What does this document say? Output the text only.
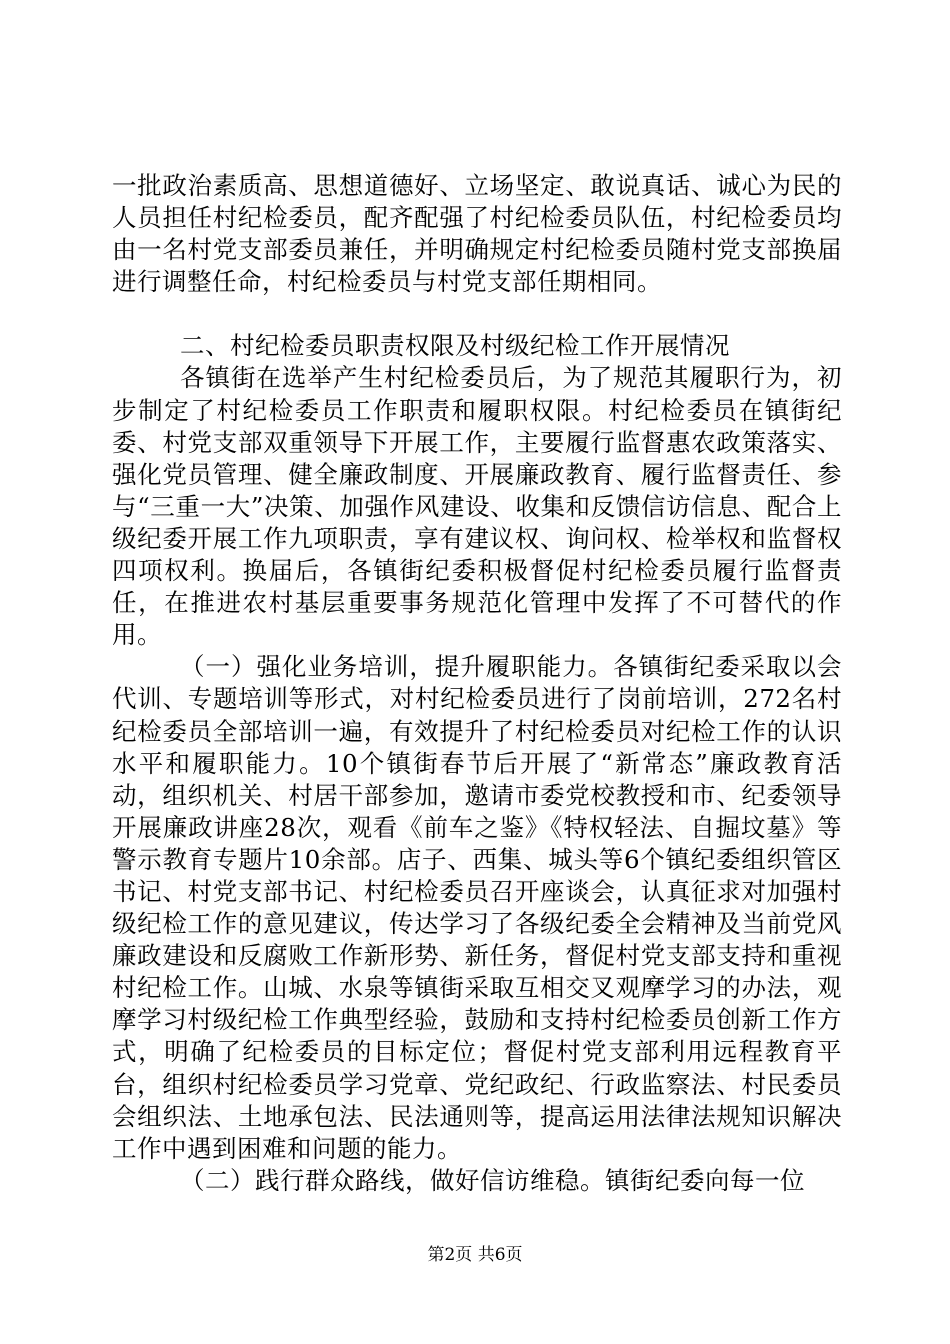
一批政治素质高、思想道德好、立场坚定、敢说真话、诚心为民的人员担任村纪检委员，配齐配强了村纪检委员队伍，村纪检委员均由一名村党支部委员兼任，并明确规定村纪检委员随村党支部换届进行调整任命，村纪检委员与村党支部任期相同。

二、村纪检委员职责权限及村级纪检工作开展情况

各镇街在选举产生村纪检委员后，为了规范其履职行为，初步制定了村纪检委员工作职责和履职权限。村纪检委员在镇街纪委、村党支部双重领导下开展工作，主要履行监督惠农政策落实、强化党员管理、健全廉政制度、开展廉政教育、履行监督责任、参与“三重一大”决策、加强作风建设、收集和反馈信访信息、配合上级纪委开展工作九项职责，享有建议权、询问权、检举权和监督权四项权利。换届后，各镇街纪委积极督促村纪检委员履行监督责任，在推进农村基层重要事务规范化管理中发挥了不可替代的作用。

（一）强化业务培训，提升履职能力。各镇街纪委采取以会代训、专题培训等形式，对村纪检委员进行了岗前培训，272名村纪检委员全部培训一遍，有效提升了村纪检委员对纪检工作的认识水平和履职能力。10个镇街春节后开展了“新常态”廉政教育活动，组织机关、村居干部参加，邀请市委党校教授和市、纪委领导开展廉政讲座28次，观看《前车之鉴》《特权轻法、自掘坟墓》等警示教育专题片10余部。店子、西集、城头等6个镇纪委组织管区书记、村党支部书记、村纪检委员召开座谈会，认真征求对加强村级纪检工作的意见建议，传达学习了各级纪委全会精神及当前党风廉政建设和反腐败工作新形势、新任务，督促村党支部支持和重视村纪检工作。山城、水泉等镇街采取互相交叉观摩学习的办法，观摩学习村级纪检工作典型经验，鼓励和支持村纪检委员创新工作方式，明确了纪检委员的目标定位；督促村党支部利用远程教育平台，组织村纪检委员学习党章、党纪政纪、行政监察法、村民委员会组织法、土地承包法、民法通则等，提高运用法律法规知识解决工作中遇到困难和问题的能力。

（二）践行群众路线，做好信访维稳。镇街纪委向每一位

第2页 共6页
